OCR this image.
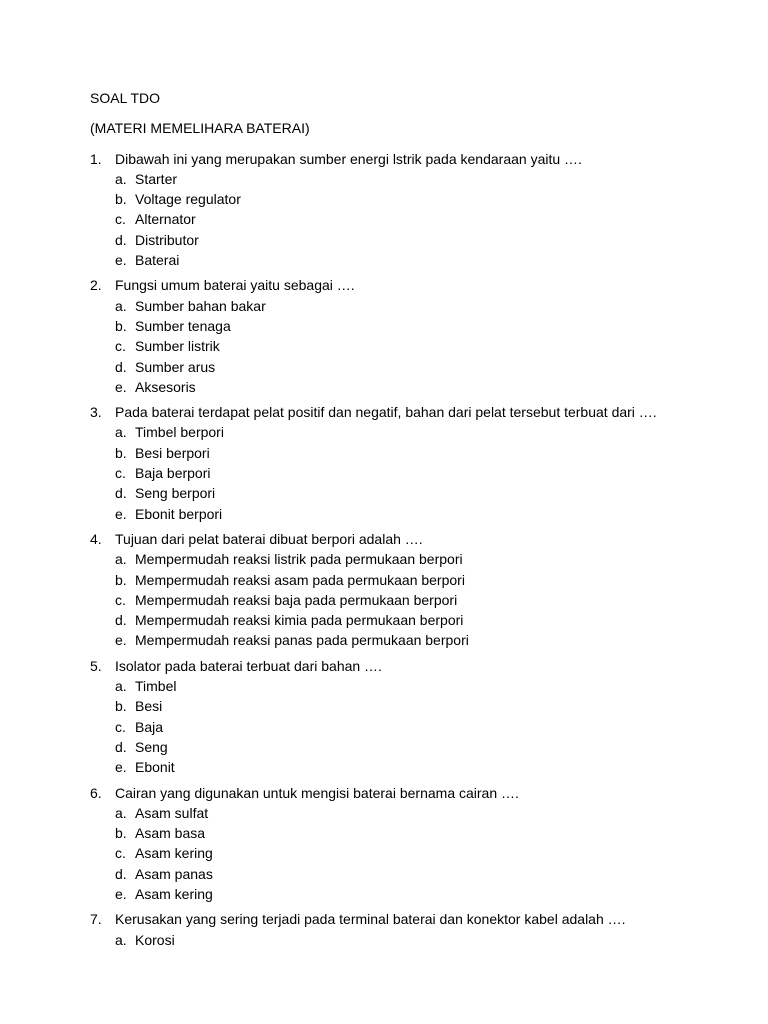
SOAL TDO
(MATERI MEMELIHARA BATERAI)
1. Dibawah ini yang merupakan sumber energi lstrik pada kendaraan yaitu ….
a. Starter
b. Voltage regulator
c. Alternator
d. Distributor
e. Baterai
2. Fungsi umum baterai yaitu sebagai ….
a. Sumber bahan bakar
b. Sumber tenaga
c. Sumber listrik
d. Sumber arus
e. Aksesoris
3. Pada baterai terdapat pelat positif dan negatif, bahan dari pelat tersebut terbuat dari ….
a. Timbel berpori
b. Besi berpori
c. Baja berpori
d. Seng berpori
e. Ebonit berpori
4. Tujuan dari pelat baterai dibuat berpori adalah ….
a. Mempermudah reaksi listrik pada permukaan berpori
b. Mempermudah reaksi asam pada permukaan berpori
c. Mempermudah reaksi baja pada permukaan berpori
d. Mempermudah reaksi kimia pada permukaan berpori
e. Mempermudah reaksi panas pada permukaan berpori
5. Isolator pada baterai terbuat dari bahan ….
a. Timbel
b. Besi
c. Baja
d. Seng
e. Ebonit
6. Cairan yang digunakan untuk mengisi baterai bernama cairan ….
a. Asam sulfat
b. Asam basa
c. Asam kering
d. Asam panas
e. Asam kering
7. Kerusakan yang sering terjadi pada terminal baterai dan konektor kabel adalah ….
a. Korosi
